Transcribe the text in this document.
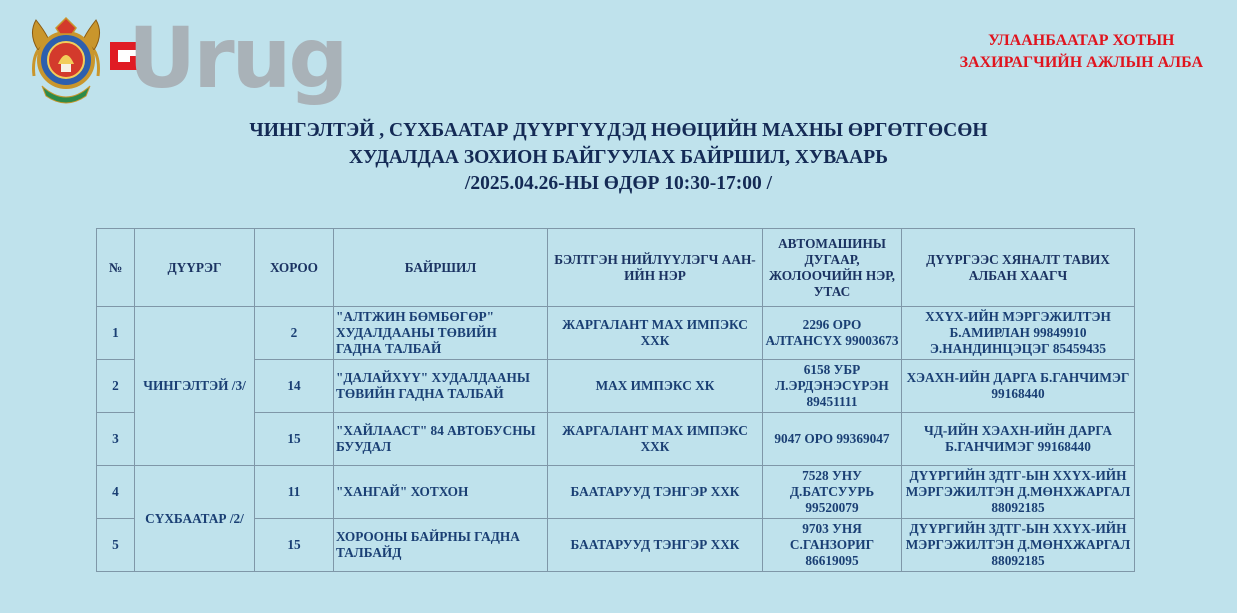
Urug	УЛААНБААТАР ХОТЫН
ЗАХИРАГЧИЙН АЖЛЫН АЛБА
ЧИНГЭЛТЭЙ , СҮХБААТАР ДҮҮРГҮҮДЭД НӨӨЦИЙН МАХНЫ ӨРГӨТГӨСӨН
ХУДАЛДАА ЗОХИОН БАЙГУУЛАХ БАЙРШИЛ, ХУВААРЬ
/2025.04.26-НЫ ӨДӨР 10:30-17:00 /
№	ДҮҮРЭГ	ХОРОО	БАЙРШИЛ	БЭЛТГЭН НИЙЛҮҮЛЭГЧ ААН-ИЙН НЭР	АВТОМАШИНЫ ДУГААР, ЖОЛООЧИЙН НЭР, УТАС	ДҮҮРГЭЭС ХЯНАЛТ ТАВИХ АЛБАН ХААГЧ
1	ЧИНГЭЛТЭЙ /3/	2	"АЛТЖИН БӨМБӨГӨР" ХУДАЛДААНЫ ТӨВИЙН ГАДНА ТАЛБАЙ	ЖАРГАЛАНТ МАХ ИМПЭКС ХХК	2296 ОРО АЛТАНСҮХ 99003673	ХХҮХ-ИЙН МЭРГЭЖИЛТЭН Б.АМИРЛАН 99849910 Э.НАНДИНЦЭЦЭГ 85459435
2		14	"ДАЛАЙХҮҮ" ХУДАЛДААНЫ ТӨВИЙН ГАДНА ТАЛБАЙ	МАХ ИМПЭКС ХК	6158 УБР Л.ЭРДЭНЭСҮРЭН 89451111	ХЭАХН-ИЙН ДАРГА Б.ГАНЧИМЭГ 99168440
3		15	"ХАЙЛААСТ" 84 АВТОБУСНЫ БУУДАЛ	ЖАРГАЛАНТ МАХ ИМПЭКС ХХК	9047 ОРО 99369047	ЧД-ИЙН ХЭАХН-ИЙН ДАРГА Б.ГАНЧИМЭГ 99168440
4	СҮХБААТАР /2/	11	"ХАНГАЙ" ХОТХОН	БААТАРУУД ТЭНГЭР ХХК	7528 УНУ Д.БАТСУУРЬ 99520079	ДҮҮРГИЙН ЗДТГ-ЫН ХХҮХ-ИЙН МЭРГЭЖИЛТЭН Д.МӨНХЖАРГАЛ 88092185
5		15	ХОРООНЫ БАЙРНЫ ГАДНА ТАЛБАЙД	БААТАРУУД ТЭНГЭР ХХК	9703 УНЯ С.ГАНЗОРИГ 86619095	ДҮҮРГИЙН ЗДТГ-ЫН ХХҮХ-ИЙН МЭРГЭЖИЛТЭН Д.МӨНХЖАРГАЛ 88092185
